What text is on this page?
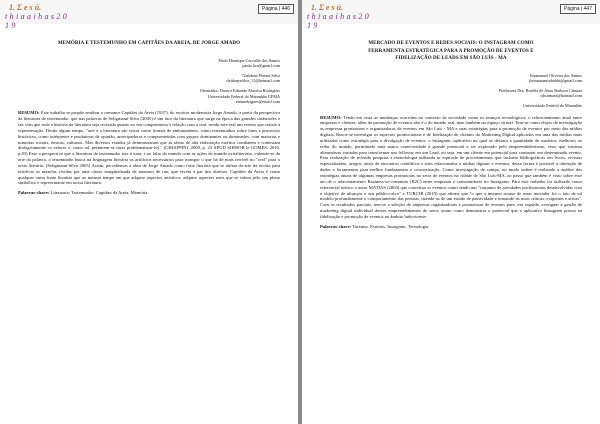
1. Σ e s ú.
t h i a a i h a s 2 0 1 9
Página | 446
MEMÓRIA E TESTEMUNHO EM CAPITÃES DA AREIA, DE JORGE AMADO
Paulo Henrique Carvalho dos Santos
paulo.hcs@gmail.com
Glaldene Pereira Silva
sleidanystilva_11@hotmail.com
Orientador: Doutor Eduardo Moreira Rodrigues
Universidade Federal do Maranhão UFMA
eamrodrigues@email.com

RESUMO: Este trabalho se propõe analisar o romance Capitães da Areia (1937), do escritor modernista Jorge Amado, a partir da perspectiva da literatura de testemunho, que nas palavras de Seligmann-Silva (2005) é um face da literatura que surge na época das grandes catástrofes e faz com que toda a história da literatura seja revisada quanto ao seu compromisso e relação com o real, sendo este real um evento que resiste à representação. Desde algum tempo, "arte e a literatura são vistas como formas de embasamento, como testemunhos sobre fatos e processos históricos, como intérpretes e produtoras de opinião, antecipadoras e comprometidas com grupos dominantes ou dominados, com maiorias e minorias sociais, étnicas, culturais. Mas diversos estudos já demonstraram que as obras de alta elaboração estética combatem e contestam dialogicamente os valores e, como tal, permitem-se fazer problematizar-los". (CHIAPPINI, 2000, p. 23 APUD SIHNOB le GOMES, 2010, p.83) Esse a perspectiva que a literatura de testemunho traz à tona, e ao falar do mundo com as ações do mundo extraliterário, valendo-se da arte da palavra, o testemunho busca na linguagem literária os artifícios necessários para transpor o que há de mais terrível no "real" para o texto literário. (Seligmann-Silva 2005) Assim, percebemos a obra de Jorge Amado como forte literária que se utiliza da arte da escrita para testificar as mazelas vividas por uma classe marginalizada de meninos de rua, que vivem a par dos direitos. Capitães da Areia é como qualquer outra fonte literária que ao mesmo tempo em que adquire aspectos artísticos, adquire aspectos reais que se valem pelo seu pleno simbólico e representante em nossa literatura.

Palavras-chave: Literatura; Testemunho; Capitães da Areia; Memória.

1. Σ e s ú.
t h i a a i h a s 2 0 1 9
Página | 447
MERCADO DE EVENTOS E REDES SOCIAIS: O INSTAGRAM COMO
FERRAMENTA ESTRATÉGICA PARA A PROMOÇÃO DE EVENTOS E
FIDELIZAÇÃO DE LEADS EM SÃO LUÍS - MA
Emmanuel Oliveira dos Santos
jhonnasantosbabbi@gmail.com
Professora Dra. Rosélia de Jesus Barbosa Câmara
rjbcamara@hotmail.com
Universidade Federal do Maranhão

RESUMO: Tendo em vista as mudanças ocorridas no contexto da sociedade como os avanços tecnológicos, o relacionamento atual entre empresas e clientes, além da promoção de eventos não é o do mundo real, mas também no espaço virtual. Tem-se como objeto de investigação as empresas promotoras e organizadoras de eventos em São Luís - MA e suas estratégias para a promoção de eventos por meio das mídias digitais. Busca-se investigar os aspectos promocionais e de fidelização de clientes do Marketing Digital aplicados em uma das mídias mais utilizadas como estratégia para a divulgação de eventos: o Instagram, aplicativo no qual se destaca a quantidade de usuários, melhores ao redor do mundo, permitindo uma maior conectividade à grande potencial a ser explorado pelo empreendedorismo, visto que existem alternativas variadas para transformar um follower em um Lead, ou seja, em um cliente em potencial para consumir um determinado evento. Para realização de referida pesquisa a metodologia utilizada se equivale de procedimentos que incluem bibliográficas em livros, revistas especializadas, artigos, anais de encontros científicos e sites relacionados a mídias digitais e eventos, dessa forma é possível a obtenção de dados e ferramentas para melhor fundamentar e concretização. Como investigação de campo, no modo online é realizado a análise das estratégias atuais de algumas empresas promotoras no setor de eventos na cidade de São Luís-MA, ao passo que também é visto sobre esse ato de o relacionamento Business-to-consumer (B2C) entre empresas e consumidores no Instagram. Para este trabalho foi utilizado como referencial teórico o autor MATIAS (2004) que conceitua os eventos como sendo um "conjunto de atividades profissionais desenvolvidas com o objetivo de alcançar o seu público-alvo" e TURCHI (2019) que afirma que "o que a internet trouxe de mais inovador foi o fato de tal modelo profundamente o comportamento das pessoas, tirando-as de um estado de passividade e tornando-as mais críticas, exigentes e ativas". Com os resultados parciais, tem-se a seleção de empresas organizadoras e promotoras de eventos para, em seguida, averiguar a gestão de marketing digital individual desses empreendimentos do setor, assim como demonstrar o potencial que o aplicativo Instagram possui na fidelização e promoção de eventos no âmbito ludovicense.

Palavras-chave: Turismo. Eventos. Instagram. Tecnologia.
